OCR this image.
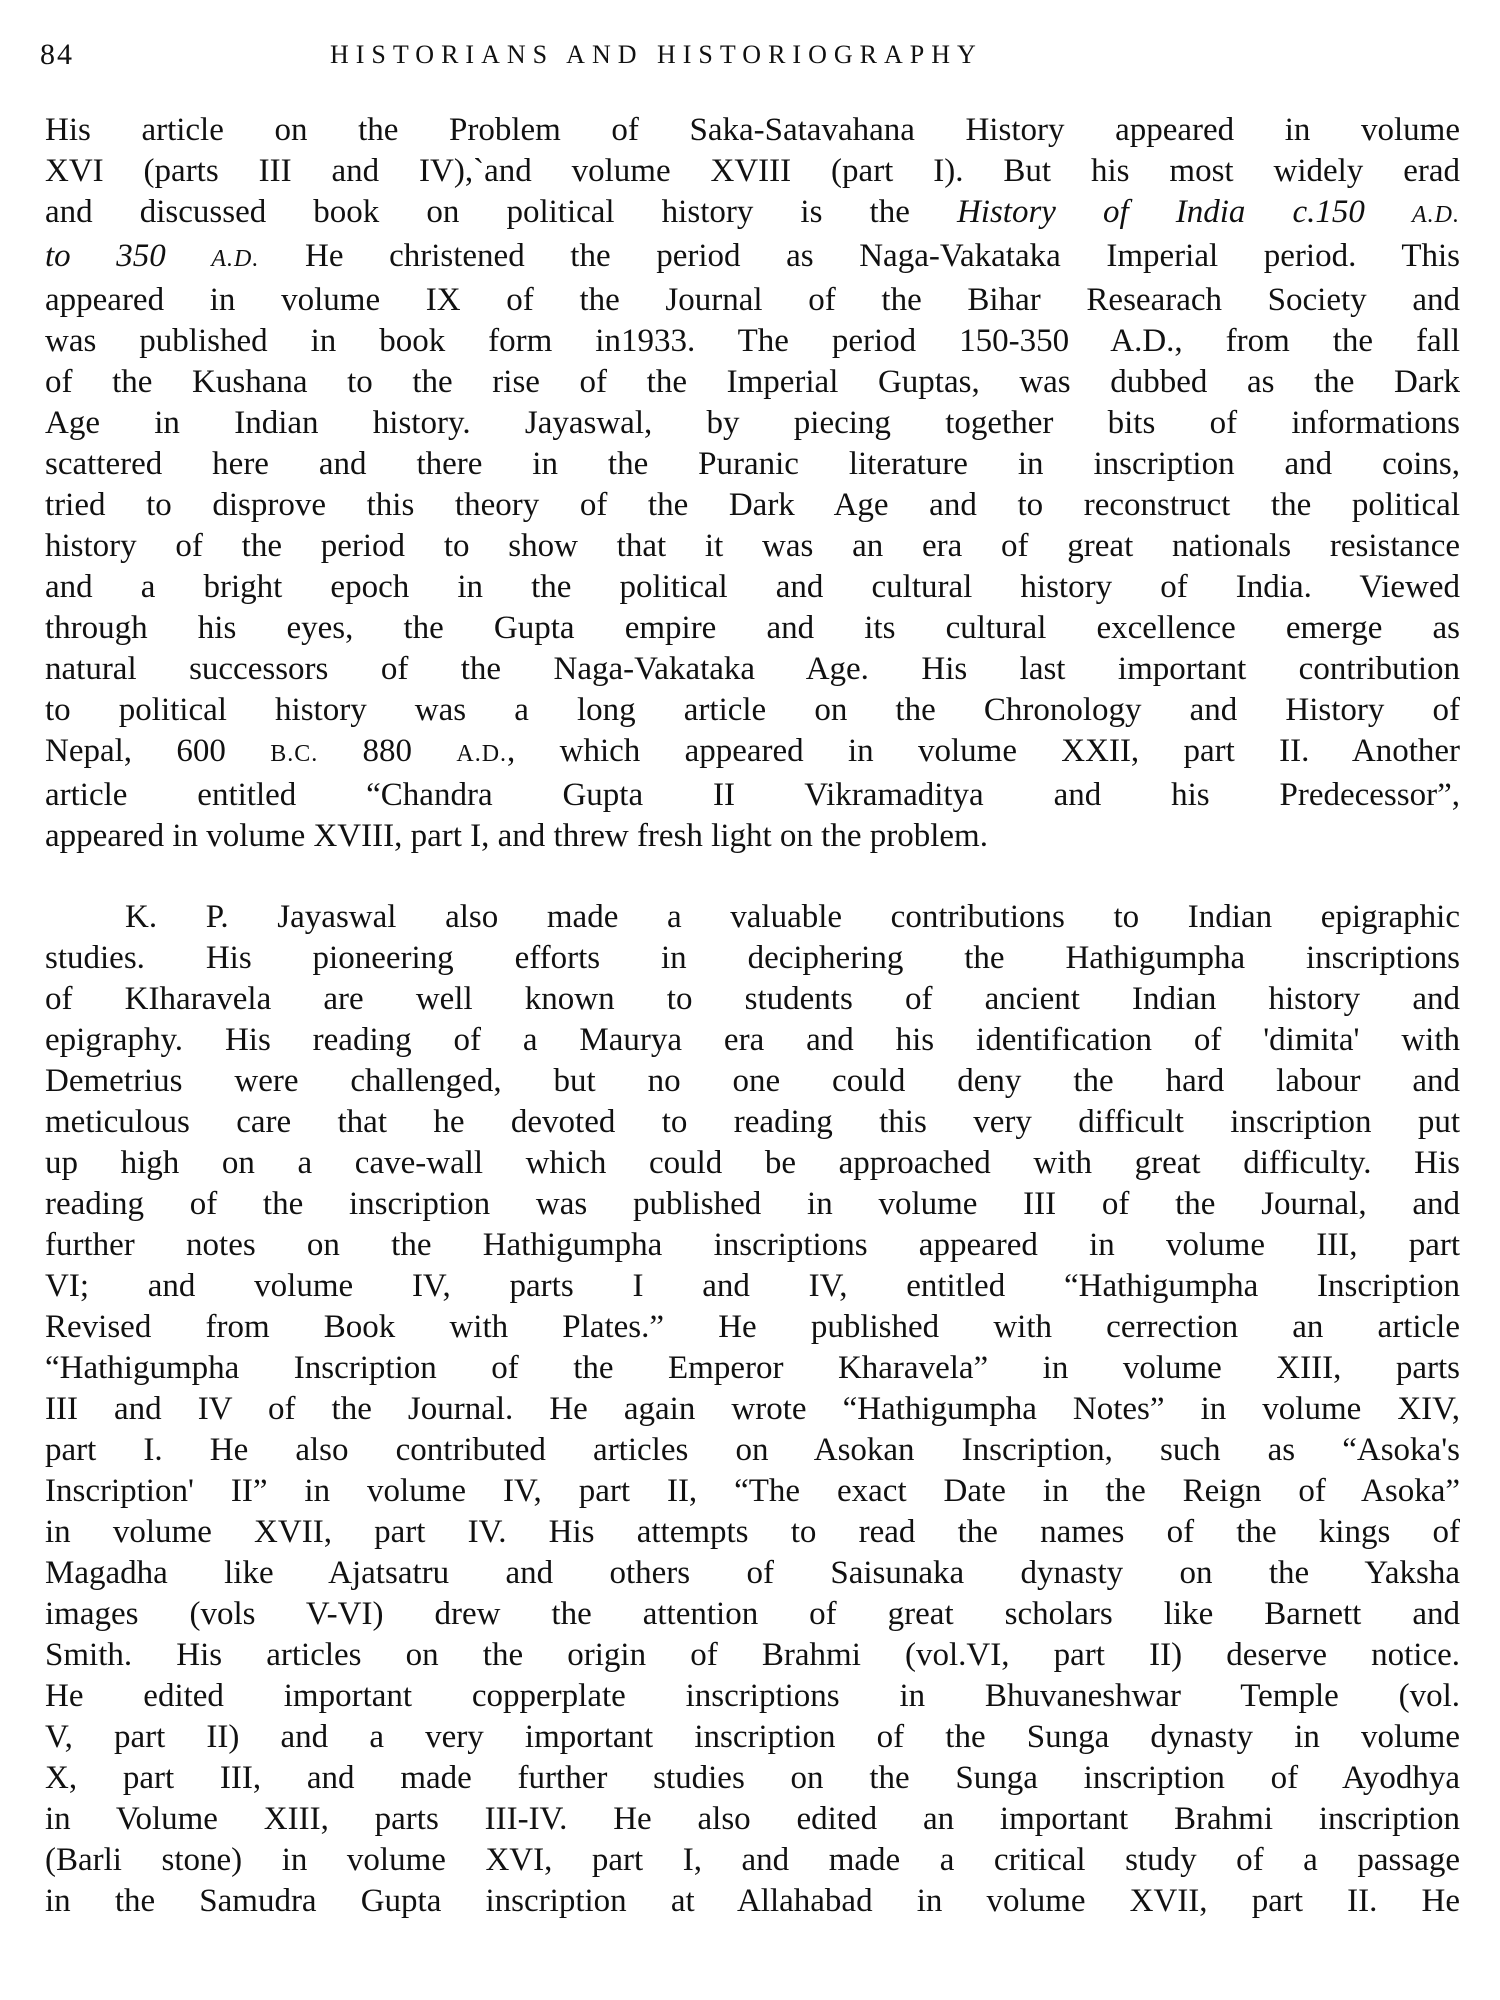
84	HISTORIANS AND HISTORIOGRAPHY

His article on the Problem of Saka-Satavahana History appeared in volume
XVI (parts III and IV),`and volume XVIII (part I). But his most widely erad
and discussed book on political history is the History of India c.150 A.D.
to 350 A.D. He christened the period as Naga-Vakataka Imperial period. This
appeared in volume IX of the Journal of the Bihar Researach Society and
was published in book form in1933. The period 150-350 A.D., from the fall
of the Kushana to the rise of the Imperial Guptas, was dubbed as the Dark
Age in Indian history. Jayaswal, by piecing together bits of informations
scattered here and there in the Puranic literature in inscription and coins,
tried to disprove this theory of the Dark Age and to reconstruct the political
history of the period to show that it was an era of great nationals resistance
and a bright epoch in the political and cultural history of India. Viewed
through his eyes, the Gupta empire and its cultural excellence emerge as
natural successors of the Naga-Vakataka Age. His last important contribution
to political history was a long article on the Chronology and History of
Nepal, 600 B.C. 880 A.D., which appeared in volume XXII, part II. Another
article entitled “Chandra Gupta II Vikramaditya and his Predecessor”,
appeared in volume XVIII, part I, and threw fresh light on the problem.

K. P. Jayaswal also made a valuable contributions to Indian epigraphic
studies. His pioneering efforts in deciphering the Hathigumpha inscriptions
of KIharavela are well known to students of ancient Indian history and
epigraphy. His reading of a Maurya era and his identification of 'dimita' with
Demetrius were challenged, but no one could deny the hard labour and
meticulous care that he devoted to reading this very difficult inscription put
up high on a cave-wall which could be approached with great difficulty. His
reading of the inscription was published in volume III of the Journal, and
further notes on the Hathigumpha inscriptions appeared in volume III, part
VI; and volume IV, parts I and IV, entitled “Hathigumpha Inscription
Revised from Book with Plates.” He published with cerrection an article
“Hathigumpha Inscription of the Emperor Kharavela” in volume XIII, parts
III and IV of the Journal. He again wrote “Hathigumpha Notes” in volume XIV,
part I. He also contributed articles on Asokan Inscription, such as “Asoka's
Inscription' II” in volume IV, part II, “The exact Date in the Reign of Asoka”
in volume XVII, part IV. His attempts to read the names of the kings of
Magadha like Ajatsatru and others of Saisunaka dynasty on the Yaksha
images (vols V-VI) drew the attention of great scholars like Barnett and
Smith. His articles on the origin of Brahmi (vol.VI, part II) deserve notice.
He edited important copperplate inscriptions in Bhuvaneshwar Temple (vol.
V, part II) and a very important inscription of the Sunga dynasty in volume
X, part III, and made further studies on the Sunga inscription of Ayodhya
in Volume XIII, parts III-IV. He also edited an important Brahmi inscription
(Barli stone) in volume XVI, part I, and made a critical study of a passage
in the Samudra Gupta inscription at Allahabad in volume XVII, part II. He
